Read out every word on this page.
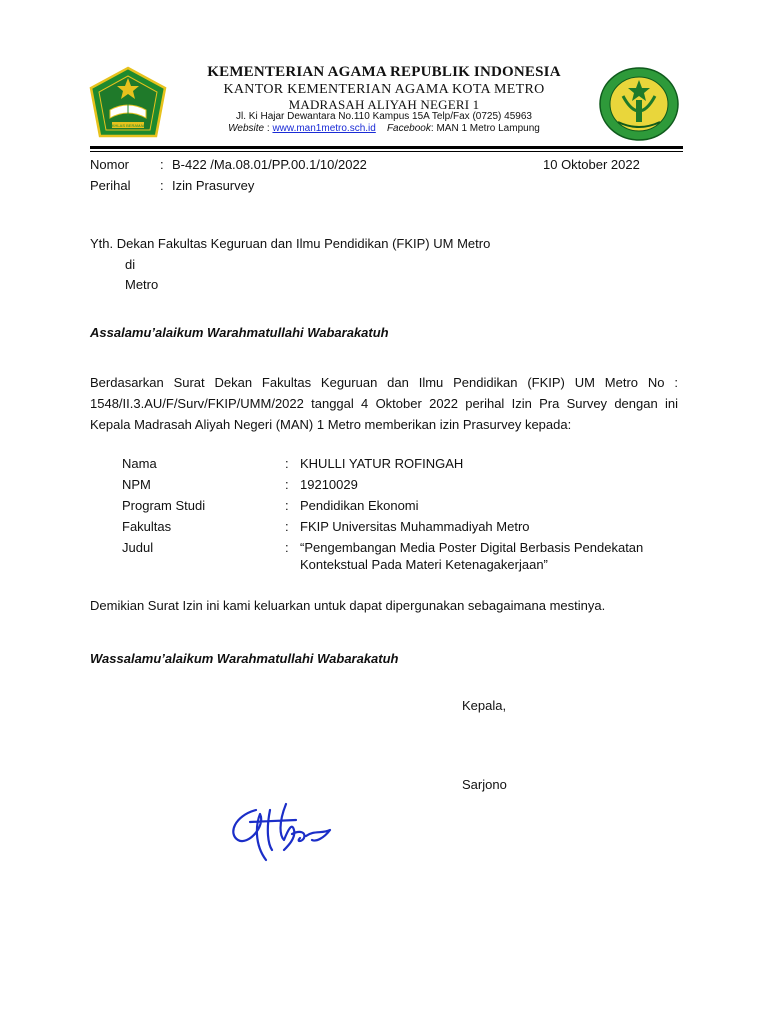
IKHLAS BERAMAL
KEMENTERIAN AGAMA REPUBLIK INDONESIA
KANTOR KEMENTERIAN AGAMA KOTA METRO
MADRASAH ALIYAH NEGERI 1
Jl. Ki Hajar Dewantara No.110 Kampus 15A Telp/Fax (0725) 45963
Website : www.man1metro.sch.id Facebook: MAN 1 Metro Lampung
Nomor : B-422 /Ma.08.01/PP.00.1/10/2022	10 Oktober 2022
Perihal : Izin Prasurvey
Yth. Dekan Fakultas Keguruan dan Ilmu Pendidikan (FKIP) UM Metro
di
Metro
Assalamu’alaikum Warahmatullahi Wabarakatuh
Berdasarkan Surat Dekan Fakultas Keguruan dan Ilmu Pendidikan (FKIP) UM Metro No :
1548/II.3.AU/F/Surv/FKIP/UMM/2022 tanggal 4 Oktober 2022 perihal Izin Pra Survey dengan ini
Kepala Madrasah Aliyah Negeri (MAN) 1 Metro memberikan izin Prasurvey kepada:
Nama	: KHULLI YATUR ROFINGAH
NPM	: 19210029
Program Studi	: Pendidikan Ekonomi
Fakultas	: FKIP Universitas Muhammadiyah Metro
Judul	: “Pengembangan Media Poster Digital Berbasis Pendekatan
Kontekstual Pada Materi Ketenagakerjaan”
Demikian Surat Izin ini kami keluarkan untuk dapat dipergunakan sebagaimana mestinya.
Wassalamu’alaikum Warahmatullahi Wabarakatuh
Kepala,
Sarjono
